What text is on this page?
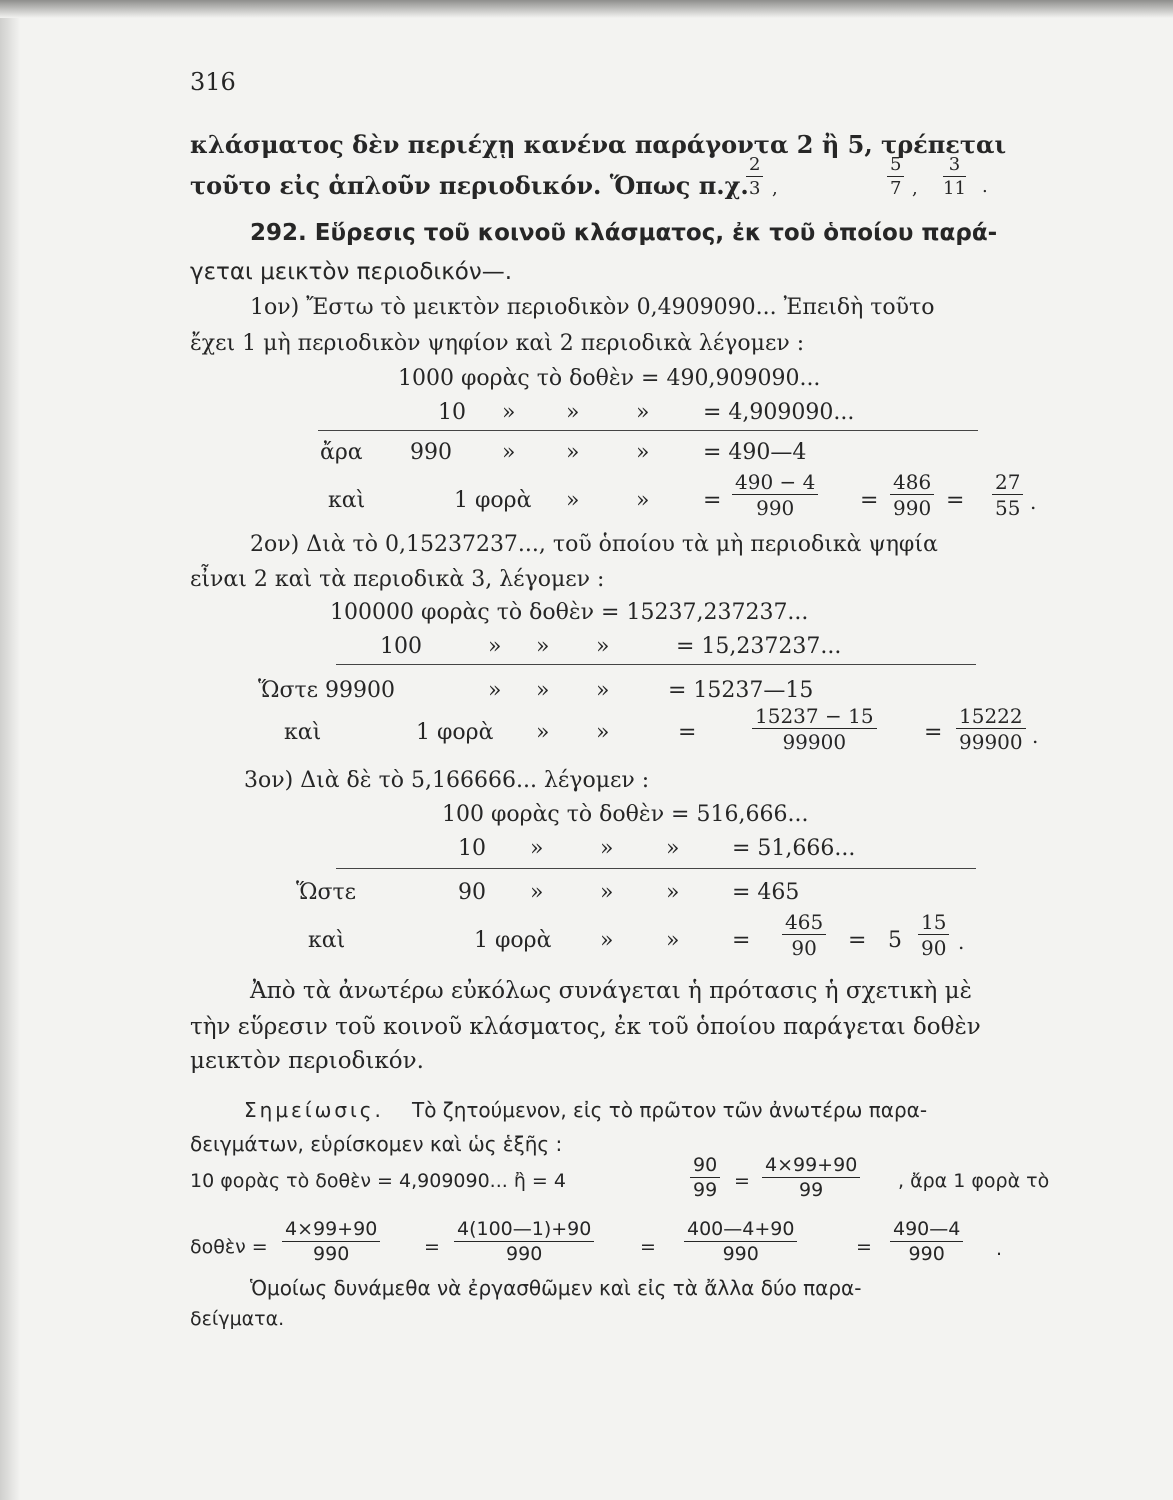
316
κλάσματος δὲν περιέχῃ κανένα παράγοντα 2 ἢ 5, τρέπεται
τοῦτο εἰς ἁπλοῦν περιοδικόν. Ὅπως π.χ.
$\frac{2}{3}$ ,	$\frac{5}{7}$ , $\frac{3}{11}$ .
292. Εὕρεσις τοῦ κοινοῦ κλάσματος, ἐκ τοῦ ὁποίου παρά-
γεται μεικτὸν περιοδικόν—.
1ον) Ἔστω τὸ μεικτὸν περιοδικὸν 0,4909090... Ἐπειδὴ τοῦτο
ἔχει 1 μὴ περιοδικὸν ψηφίον καὶ 2 περιοδικὰ λέγομεν :
1000 φορὰς τὸ δοθὲν = 490,909090...
10 » »	» = 4,909090...
ἄρα 990 » »	» = 490—4
καὶ	1 φορὰ »	» = $\frac{490 - 4}{990} = \frac{486}{990} = \frac{27}{55}$ .
2ον) Διὰ τὸ 0,15237237..., τοῦ ὁποίου τὰ μὴ περιοδικὰ ψηφία
εἶναι 2 καὶ τὰ περιοδικὰ 3, λέγομεν :
100000 φορὰς τὸ δοθὲν = 15237,237237...
100	» » »	= 15,237237...
Ὥστε 99900	» » »	= 15237—15
καὶ	1 φορὰ » »	=	$\frac{15237 - 15}{99900} = \frac{15222}{99900}$ .
3ον) Διὰ δὲ τὸ 5,166666... λέγομεν :
100 φορὰς τὸ δοθὲν = 516,666...
10 »	» » = 51,666...
Ὥστε	90 »	» » = 465
καὶ	1 φορὰ » » = $\frac{465}{90} = 5 \frac{15}{90}$ .
Ἀπὸ τὰ ἀνωτέρω εὐκόλως συνάγεται ἡ πρότασις ἡ σχετικὴ μὲ
τὴν εὕρεσιν τοῦ κοινοῦ κλάσματος, ἐκ τοῦ ὁποίου παράγεται δοθὲν
μεικτὸν περιοδικόν.
Σημείωσις. Τὸ ζητούμενον, εἰς τὸ πρῶτον τῶν ἀνωτέρω παρα-
δειγμάτων, εὑρίσκομεν καὶ ὡς ἑξῆς :
10 φορὰς τὸ δοθὲν = 4,909090... ἢ = 4	$\frac{90}{99} = \frac{4\times 99+90}{99}$ , ἄρα 1 φορὰ τὸ
δοθὲν = $\frac{4\times 99+90}{990} = \frac{4(100—1)+90}{990} = \frac{400—4+90}{990}$	= $\frac{490—4}{990}$ .
Ὁμοίως δυνάμεθα νὰ ἐργασθῶμεν καὶ εἰς τὰ ἄλλα δύο παρα-
δείγματα.
